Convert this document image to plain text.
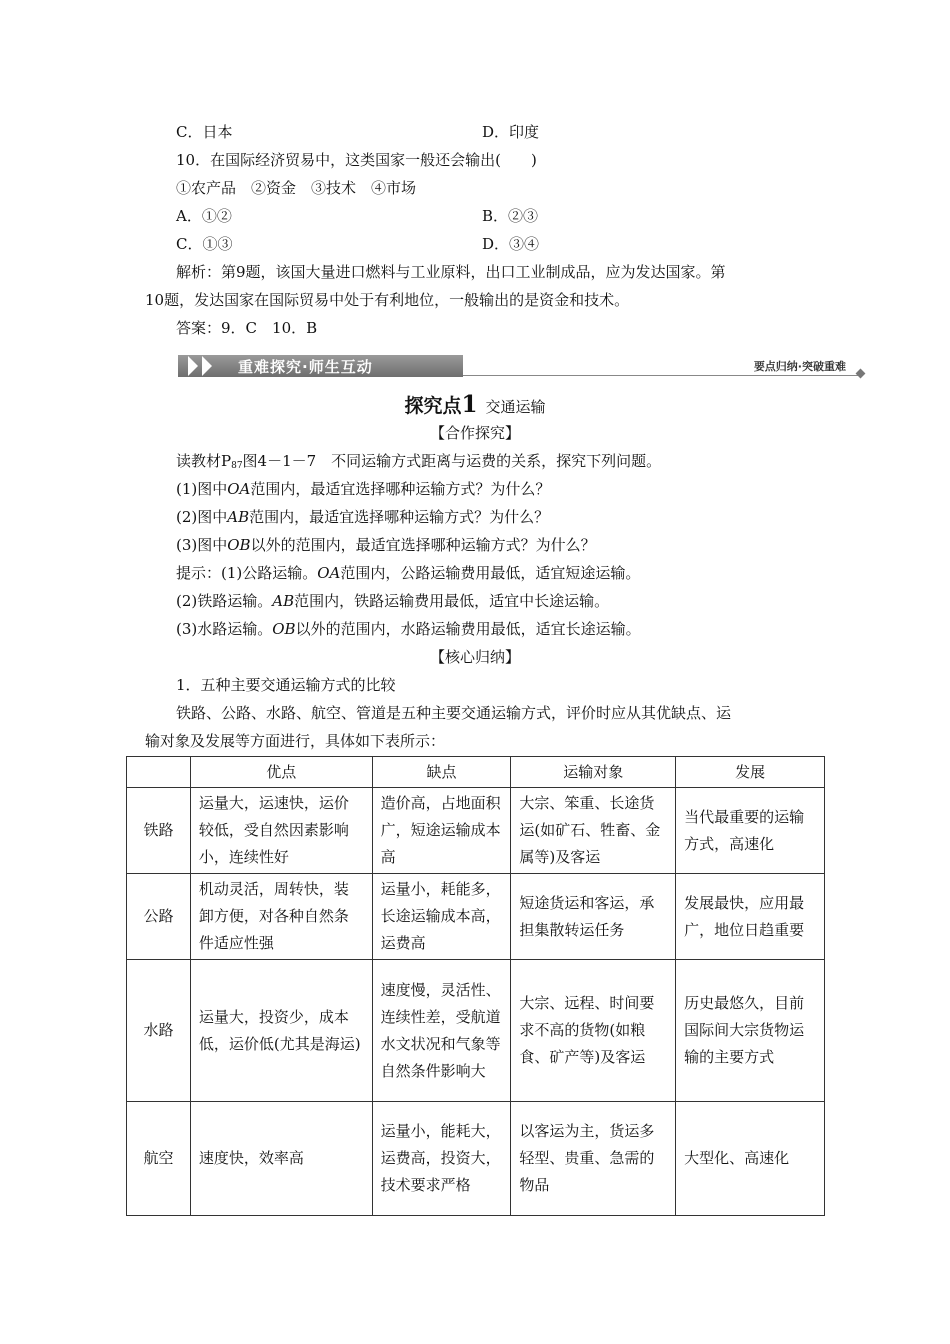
C．日本	D．印度
10．在国际经济贸易中，这类国家一般还会输出(　　)
①农产品　②资金　③技术　④市场
A．①②	B．②③
C．①③	D．③④
解析：第9题，该国大量进口燃料与工业原料，出口工业制成品，应为发达国家。第
10题，发达国家在国际贸易中处于有利地位，一般输出的是资金和技术。
答案：9．C　10．B
重难探究·师生互动	要点归纳·突破重难
探究点1 交通运输
【合作探究】
读教材$P_{87}$图4－1－7　不同运输方式距离与运费的关系，探究下列问题。
(1)图中OA范围内，最适宜选择哪种运输方式？为什么？
(2)图中AB范围内，最适宜选择哪种运输方式？为什么？
(3)图中OB以外的范围内，最适宜选择哪种运输方式？为什么？
提示：(1)公路运输。OA范围内，公路运输费用最低，适宜短途运输。
(2)铁路运输。AB范围内，铁路运输费用最低，适宜中长途运输。
(3)水路运输。OB以外的范围内，水路运输费用最低，适宜长途运输。
【核心归纳】
1．五种主要交通运输方式的比较
铁路、公路、水路、航空、管道是五种主要交通运输方式，评价时应从其优缺点、运
输对象及发展等方面进行，具体如下表所示：
	优点	缺点	运输对象	发展
铁路	运量大，运速快，运价较低，受自然因素影响小，连续性好	造价高，占地面积广，短途运输成本高	大宗、笨重、长途货运(如矿石、牲畜、金属等)及客运	当代最重要的运输方式，高速化
公路	机动灵活，周转快，装卸方便，对各种自然条件适应性强	运量小，耗能多，长途运输成本高，运费高	短途货运和客运，承担集散转运任务	发展最快，应用最广，地位日趋重要
水路	运量大，投资少，成本低，运价低(尤其是海运)	速度慢，灵活性、连续性差，受航道水文状况和气象等自然条件影响大	大宗、远程、时间要求不高的货物(如粮食、矿产等)及客运	历史最悠久，目前国际间大宗货物运输的主要方式
航空	速度快，效率高	运量小，能耗大，运费高，投资大，技术要求严格	以客运为主，货运多轻型、贵重、急需的物品	大型化、高速化
